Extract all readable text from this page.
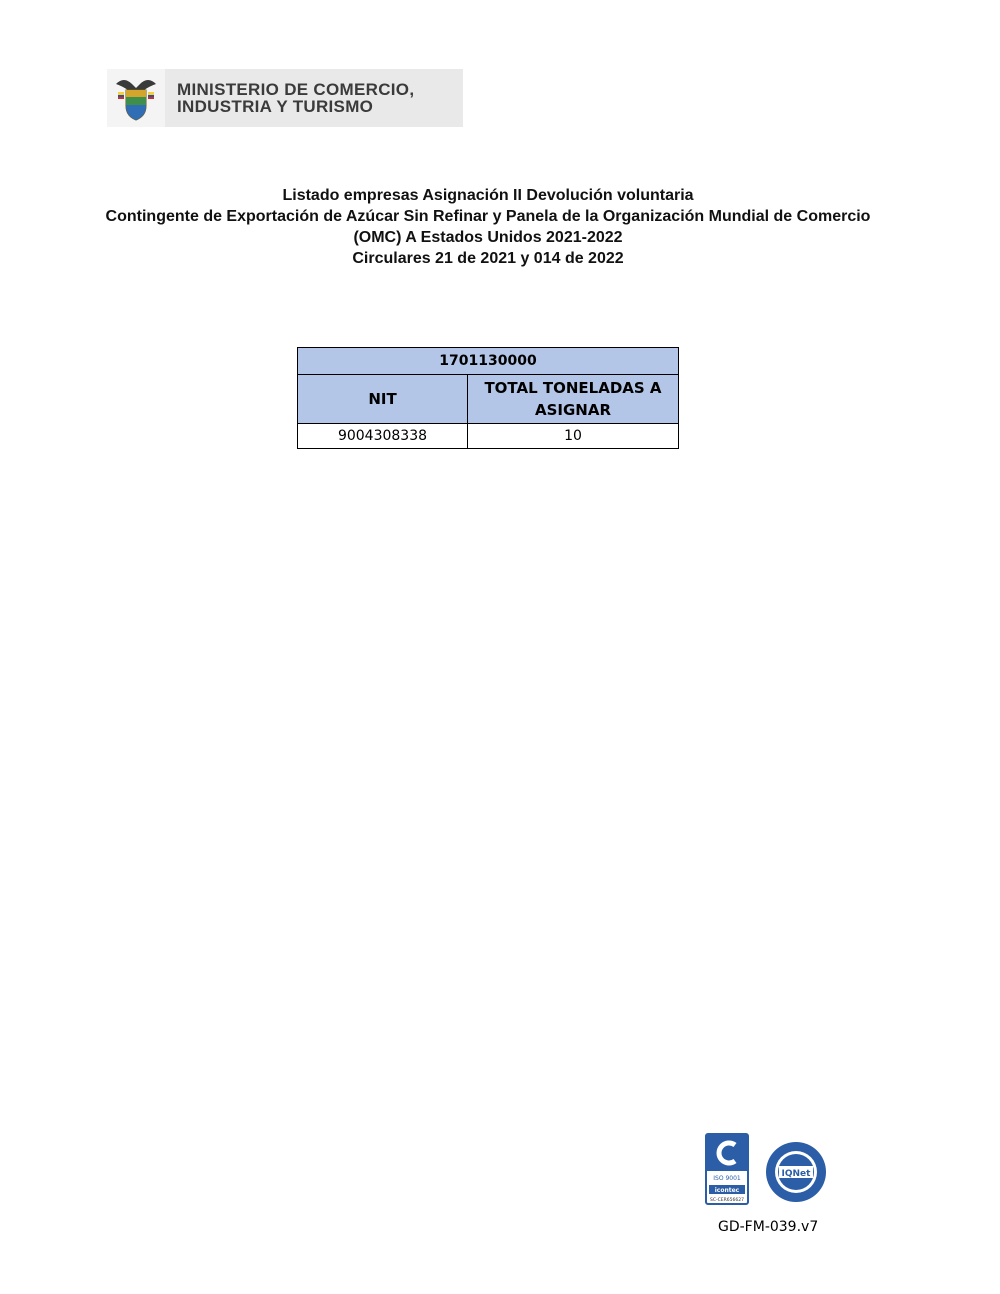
MINISTERIO DE COMERCIO,
INDUSTRIA Y TURISMO
Listado empresas Asignación II Devolución voluntaria
Contingente de Exportación de Azúcar Sin Refinar y Panela de la Organización Mundial de Comercio
(OMC) A Estados Unidos 2021-2022
Circulares 21 de 2021 y 014 de 2022
1701130000	
NIT	TOTAL TONELADAS A ASIGNAR
9004308338	10
ISO 9001
icontec
SC-CER656627
IQNet
GD-FM-039.v7
